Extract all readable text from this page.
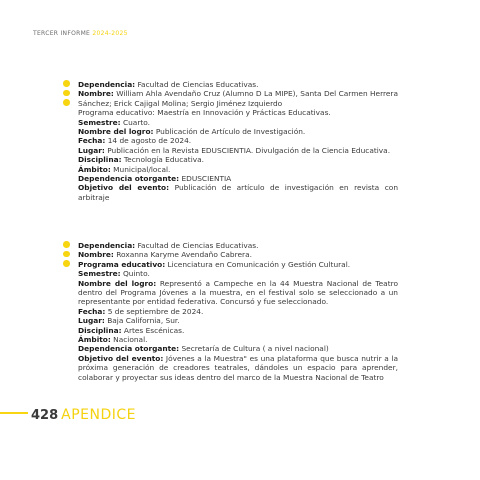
TERCER INFORME 2024-2025

Dependencia: Facultad de Ciencias Educativas.

Nombre: William Ahla Avendaño Cruz (Alumno D La MIPE), Santa Del Carmen Herrera Sánchez; Erick Cajigal Molina; Sergio Jiménez Izquierdo

Programa educativo: Maestría en Innovación y Prácticas Educativas.

Semestre: Cuarto.

Nombre del logro: Publicación de Artículo de Investigación.

Fecha: 14 de agosto de 2024.

Lugar: Publicación en la Revista EDUSCIENTIA. Divulgación de la Ciencia Educativa.

Disciplina: Tecnología Educativa.

Ámbito: Municipal/local.

Dependencia otorgante: EDUSCIENTIA

Objetivo del evento: Publicación de artículo de investigación en revista con arbitraje

Dependencia: Facultad de Ciencias Educativas.

Nombre: Roxanna Karyme Avendaño Cabrera.

Programa educativo: Licenciatura en Comunicación y Gestión Cultural.

Semestre: Quinto.

Nombre del logro: Representó a Campeche en la 44 Muestra Nacional de Teatro dentro del Programa Jóvenes a la muestra, en el festival solo se seleccionado a un representante por entidad federativa. Concursó y fue seleccionado.

Fecha: 5 de septiembre de 2024.

Lugar: Baja California, Sur.

Disciplina: Artes Escénicas.

Ámbito: Nacional.

Dependencia otorgante: Secretaría de Cultura ( a nivel nacional)

Objetivo del evento: Jóvenes a la Muestra" es una plataforma que busca nutrir a la próxima generación de creadores teatrales, dándoles un espacio para aprender, colaborar y proyectar sus ideas dentro del marco de la Muestra Nacional de Teatro

428 APENDICE
